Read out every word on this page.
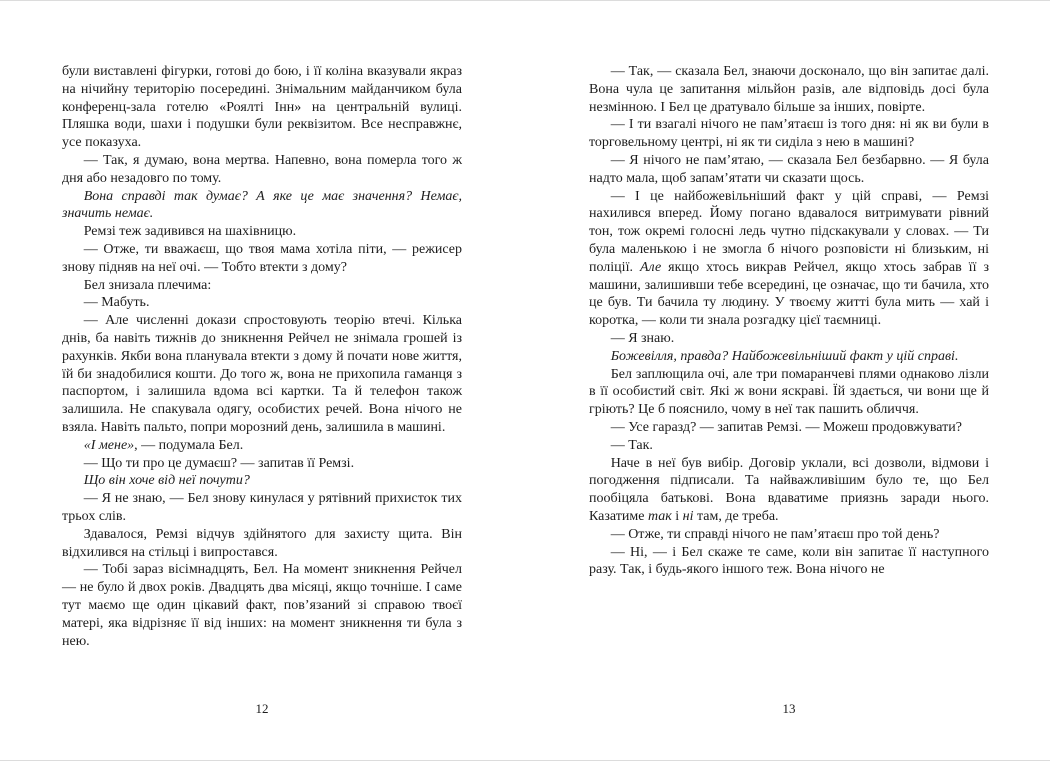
були виставлені фігурки, готові до бою, і її коліна вказували якраз на нічийну територію посередині. Знімальним майданчиком була конференц-зала готелю «Роялті Інн» на центральній вулиці. Пляшка води, шахи і подушки були реквізитом. Все несправжнє, усе показуха.

— Так, я думаю, вона мертва. Напевно, вона померла того ж дня або незадовго по тому.

Вона справді так думає? А яке це має значення? Немає, значить немає.

Ремзі теж задивився на шахівницю.

— Отже, ти вважаєш, що твоя мама хотіла піти, — режисер знову підняв на неї очі. — Тобто втекти з дому?

Бел знизала плечима:

— Мабуть.

— Але численні докази спростовують теорію втечі. Кілька днів, ба навіть тижнів до зникнення Рейчел не знімала грошей із рахунків. Якби вона планувала втекти з дому й почати нове життя, їй би знадобилися кошти. До того ж, вона не прихопила гаманця з паспортом, і залишила вдома всі картки. Та й телефон також залишила. Не спакувала одягу, особистих речей. Вона нічого не взяла. Навіть пальто, попри морозний день, залишила в машині.

«І мене», — подумала Бел.

— Що ти про це думаєш? — запитав її Ремзі.

Що він хоче від неї почути?

— Я не знаю, — Бел знову кинулася у рятівний прихисток тих трьох слів.

Здавалося, Ремзі відчув здійнятого для захисту щита. Він відхилився на стільці і випростався.

— Тобі зараз вісімнадцять, Бел. На момент зникнення Рейчел — не було й двох років. Двадцять два місяці, якщо точніше. І саме тут маємо ще один цікавий факт, пов’язаний зі справою твоєї матері, яка відрізняє її від інших: на момент зникнення ти була з нею.

— Так, — сказала Бел, знаючи досконало, що він запитає далі. Вона чула це запитання мільйон разів, але відповідь досі була незмінною. І Бел це дратувало більше за інших, повірте.

— І ти взагалі нічого не пам’ятаєш із того дня: ні як ви були в торговельному центрі, ні як ти сиділа з нею в машині?

— Я нічого не пам’ятаю, — сказала Бел безбарвно. — Я була надто мала, щоб запам’ятати чи сказати щось.

— І це найбожевільніший факт у цій справі, — Ремзі нахилився вперед. Йому погано вдавалося витримувати рівний тон, тож окремі голосні ледь чутно підскакували у словах. — Ти була маленькою і не змогла б нічого розповісти ні близьким, ні поліції. Але якщо хтось викрав Рейчел, якщо хтось забрав її з машини, залишивши тебе всередині, це означає, що ти бачила, хто це був. Ти бачила ту людину. У твоєму житті була мить — хай і коротка, — коли ти знала розгадку цієї таємниці.

— Я знаю.

Божевілля, правда? Найбожевільніший факт у цій справі.

Бел заплющила очі, але три помаранчеві плями однаково лізли в її особистий світ. Які ж вони яскраві. Їй здається, чи вони ще й гріють? Це б пояснило, чому в неї так пашить обличчя.

— Усе гаразд? — запитав Ремзі. — Можеш продовжувати?

— Так.

Наче в неї був вибір. Договір уклали, всі дозволи, відмови і погодження підписали. Та найважливішим було те, що Бел пообіцяла батькові. Вона вдаватиме приязнь заради нього. Казатиме так і ні там, де треба.

— Отже, ти справді нічого не пам’ятаєш про той день?

— Ні, — і Бел скаже те саме, коли він запитає її наступного разу. Так, і будь-якого іншого теж. Вона нічого не

12	13
